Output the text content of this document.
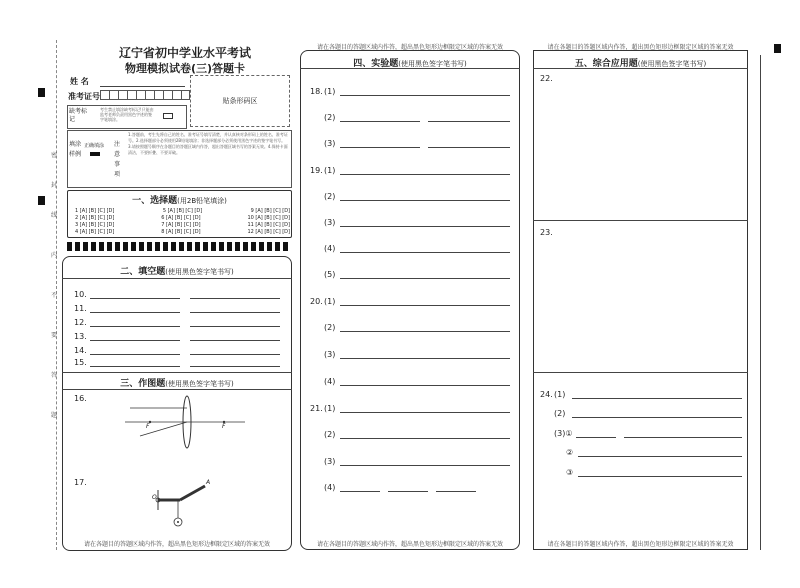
密
封
线
内
不
要
答
题
辽宁省初中学业水平考试
物理模拟试卷(三)答题卡
姓 名
准考证号	贴条形码区
缺考标记
考生禁止填涂缺考标记!只能由监考老师负责用黑色字迹的签字笔填涂。
填涂样例
正确填涂 注意事项
1.答题前，考生先将自己的姓名、准考证号填写清楚，并认真核对条形码上的姓名、准考证号。2.选择题部分必须使用2B铅笔填涂；非选择题部分必须使用黑色字迹的签字笔书写。3.请按照题号顺序在各题目的答题区域内作答，超出答题区域书写的答案无效。4.保持卡面清洁，不要折叠、不要弄破。
一、选择题(用2B铅笔填涂)
1 [A] [B] [C] [D]	5 [A] [B] [C] [D]	9 [A] [B] [C] [D]
2 [A] [B] [C] [D]	6 [A] [B] [C] [D]	10 [A] [B] [C] [D]
3 [A] [B] [C] [D]	7 [A] [B] [C] [D]	11 [A] [B] [C] [D]
4 [A] [B] [C] [D]	8 [A] [B] [C] [D]	12 [A] [B] [C] [D]
二、填空题(使用黑色签字笔书写)
10.
11.
12.
13.
14.
15.
三、作图题(使用黑色签字笔书写)
16.
F	F
17.
O
A
请在各题目的答题区域内作答，超出黑色矩形边框限定区域的答案无效
请在各题目的答题区域内作答，超出黑色矩形边框限定区域的答案无效
四、实验题(使用黑色签字笔书写)
18. (1)
(2)
(3)
19. (1)
(2)
(3)
(4)
(5)
20. (1)
(2)
(3)
(4)
21. (1)
(2)
(3)
(4)
请在各题目的答题区域内作答，超出黑色矩形边框限定区域的答案无效
请在各题目的答题区域内作答，超出黑色矩形边框限定区域的答案无效
五、综合应用题(使用黑色签字笔书写)
22.
23.
24. (1)
(2)
(3)①
②
③
请在各题目的答题区域内作答，超出黑色矩形边框限定区域的答案无效
